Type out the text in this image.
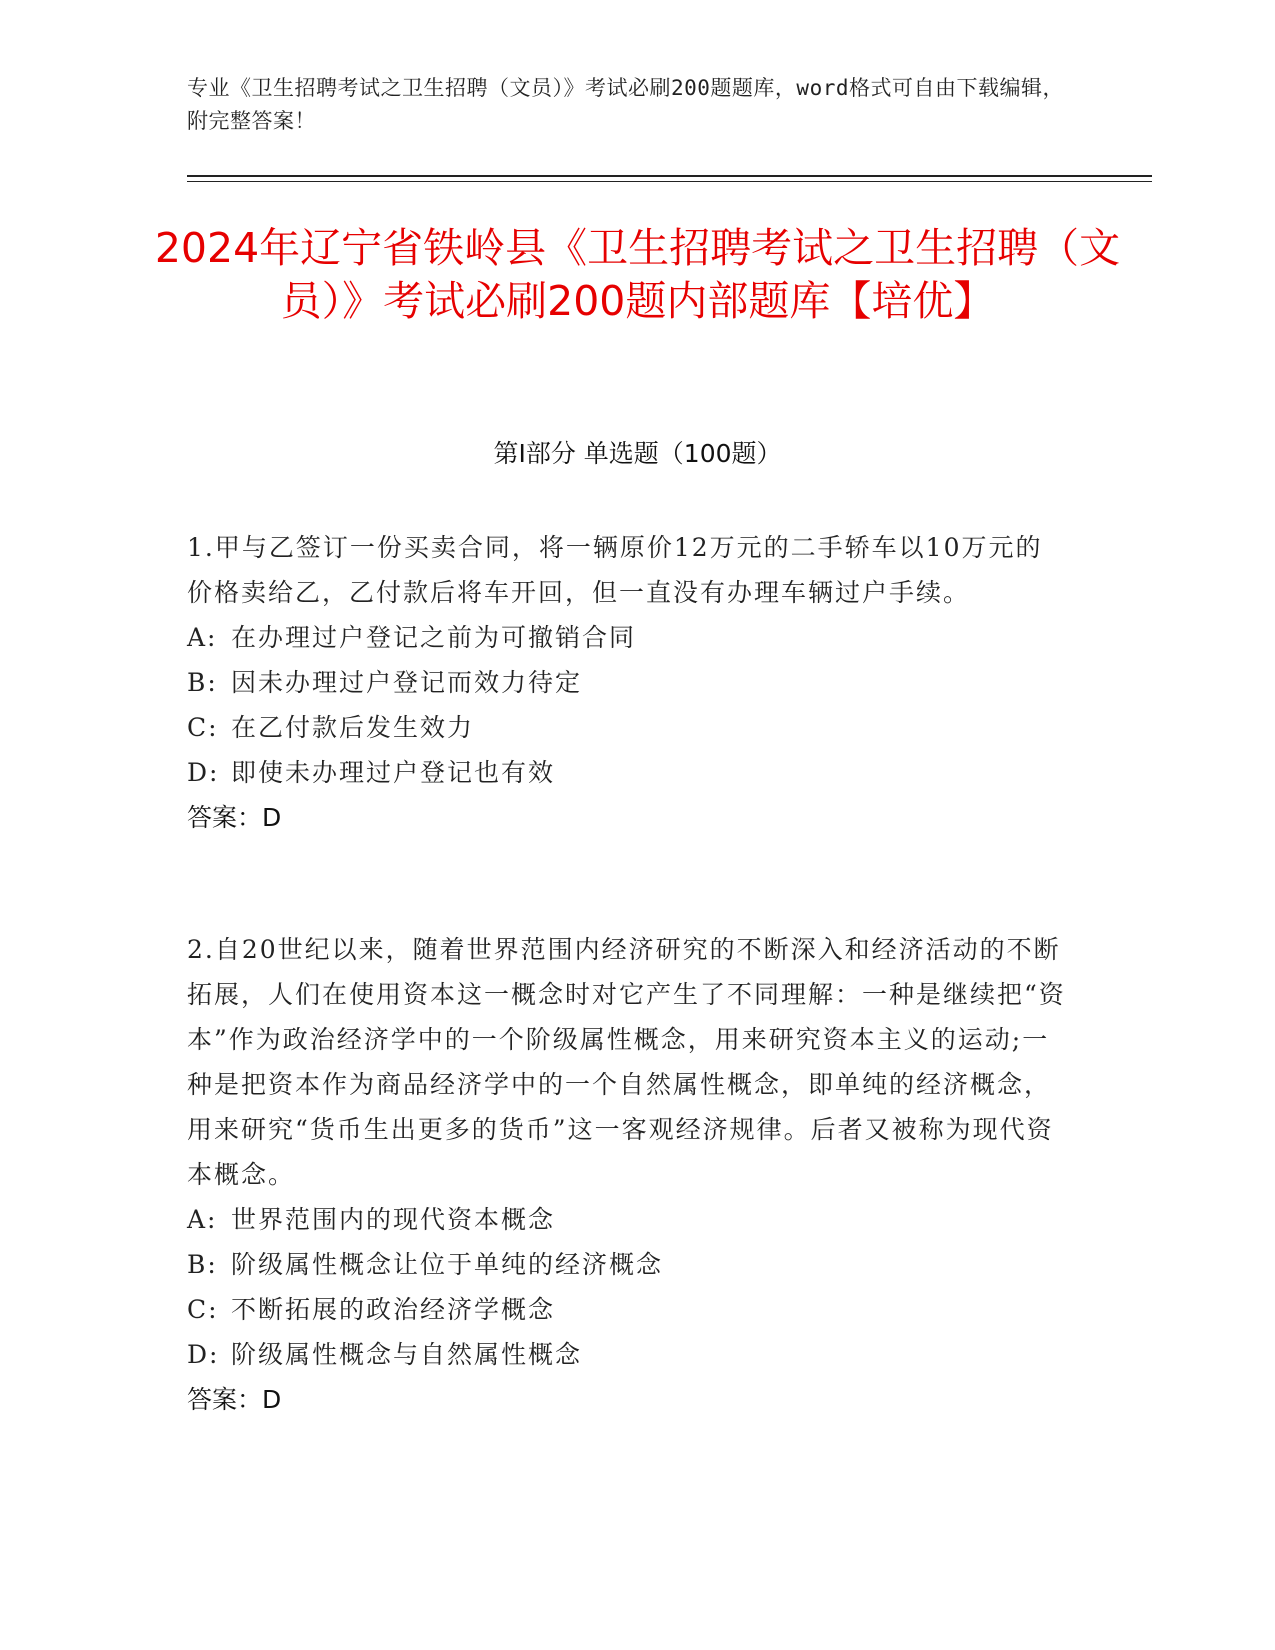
专业《卫生招聘考试之卫生招聘（文员）》考试必刷200题题库，word格式可自由下载编辑，附完整答案！
2024年辽宁省铁岭县《卫生招聘考试之卫生招聘（文员）》考试必刷200题内部题库【培优】
第Ⅰ部分 单选题（100题）

1.甲与乙签订一份买卖合同，将一辆原价12万元的二手轿车以10万元的价格卖给乙，乙付款后将车开回，但一直没有办理车辆过户手续。

A: 在办理过户登记之前为可撤销合同
B: 因未办理过户登记而效力待定
C: 在乙付款后发生效力
D: 即使未办理过户登记也有效

答案：D

2.自20世纪以来，随着世界范围内经济研究的不断深入和经济活动的不断拓展，人们在使用资本这一概念时对它产生了不同理解：一种是继续把“资本”作为政治经济学中的一个阶级属性概念，用来研究资本主义的运动;一种是把资本作为商品经济学中的一个自然属性概念，即单纯的经济概念，用来研究“货币生出更多的货币”这一客观经济规律。后者又被称为现代资本概念。

A: 世界范围内的现代资本概念
B: 阶级属性概念让位于单纯的经济概念
C: 不断拓展的政治经济学概念
D: 阶级属性概念与自然属性概念

答案：D
